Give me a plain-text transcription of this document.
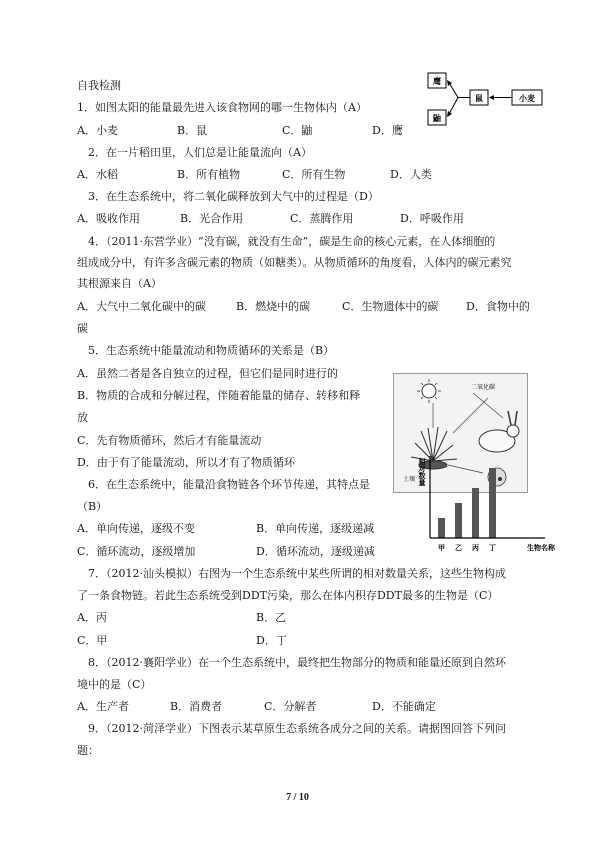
自我检测
1．如图太阳的能量最先进入该食物网的哪一生物体内（A）
A．小麦	B．鼠	C．鼬	D．鹰
2．在一片稻田里，人们总是让能量流向（A）
A．水稻	B．所有植物	C．所有生物	D．人类
3．在生态系统中，将二氧化碳释放到大气中的过程是（D）
A．吸收作用	B．光合作用	C．蒸腾作用	D．呼吸作用
4．（2011·东营学业）“没有碳，就没有生命”，碳是生命的核心元素，在人体细胞的
组成成分中，有许多含碳元素的物质（如糖类）。从物质循环的角度看，人体内的碳元素究
其根源来自（A）
A．大气中二氧化碳中的碳	B．燃烧中的碳	C．生物遗体中的碳	D．食物中的
碳
5．生态系统中能量流动和物质循环的关系是（B）
A．虽然二者是各自独立的过程，但它们是同时进行的
B．物质的合成和分解过程，伴随着能量的储存、转移和释
放
C．先有物质循环，然后才有能量流动
D．由于有了能量流动，所以才有了物质循环
6．在生态系统中，能量沿食物链各个环节传递，其特点是
（B）
A．单向传递，逐级不变	B．单向传递，逐级递减
C．循环流动，逐级增加	D．循环流动，逐级递减
7．（2012·汕头模拟）右图为一个生态系统中某些所谓的相对数量关系，这些生物构成
了一条食物链。若此生态系统受到DDT污染，那么在体内积存DDT最多的生物是（C）
A．丙	B．乙
C．甲	D．丁
8．（2012·襄阳学业）在一个生态系统中，最终把生物部分的物质和能量还原到自然环
境中的是（C）
A．生产者	B．消费者	C．分解者	D．不能确定
9．（2012·菏泽学业）下图表示某草原生态系统各成分之间的关系。请据图回答下列问
题：
鹰
鼬
鼠	小麦
二氧化碳
土壤 相对数量
甲 乙 丙 丁	生物名称
7 / 10
